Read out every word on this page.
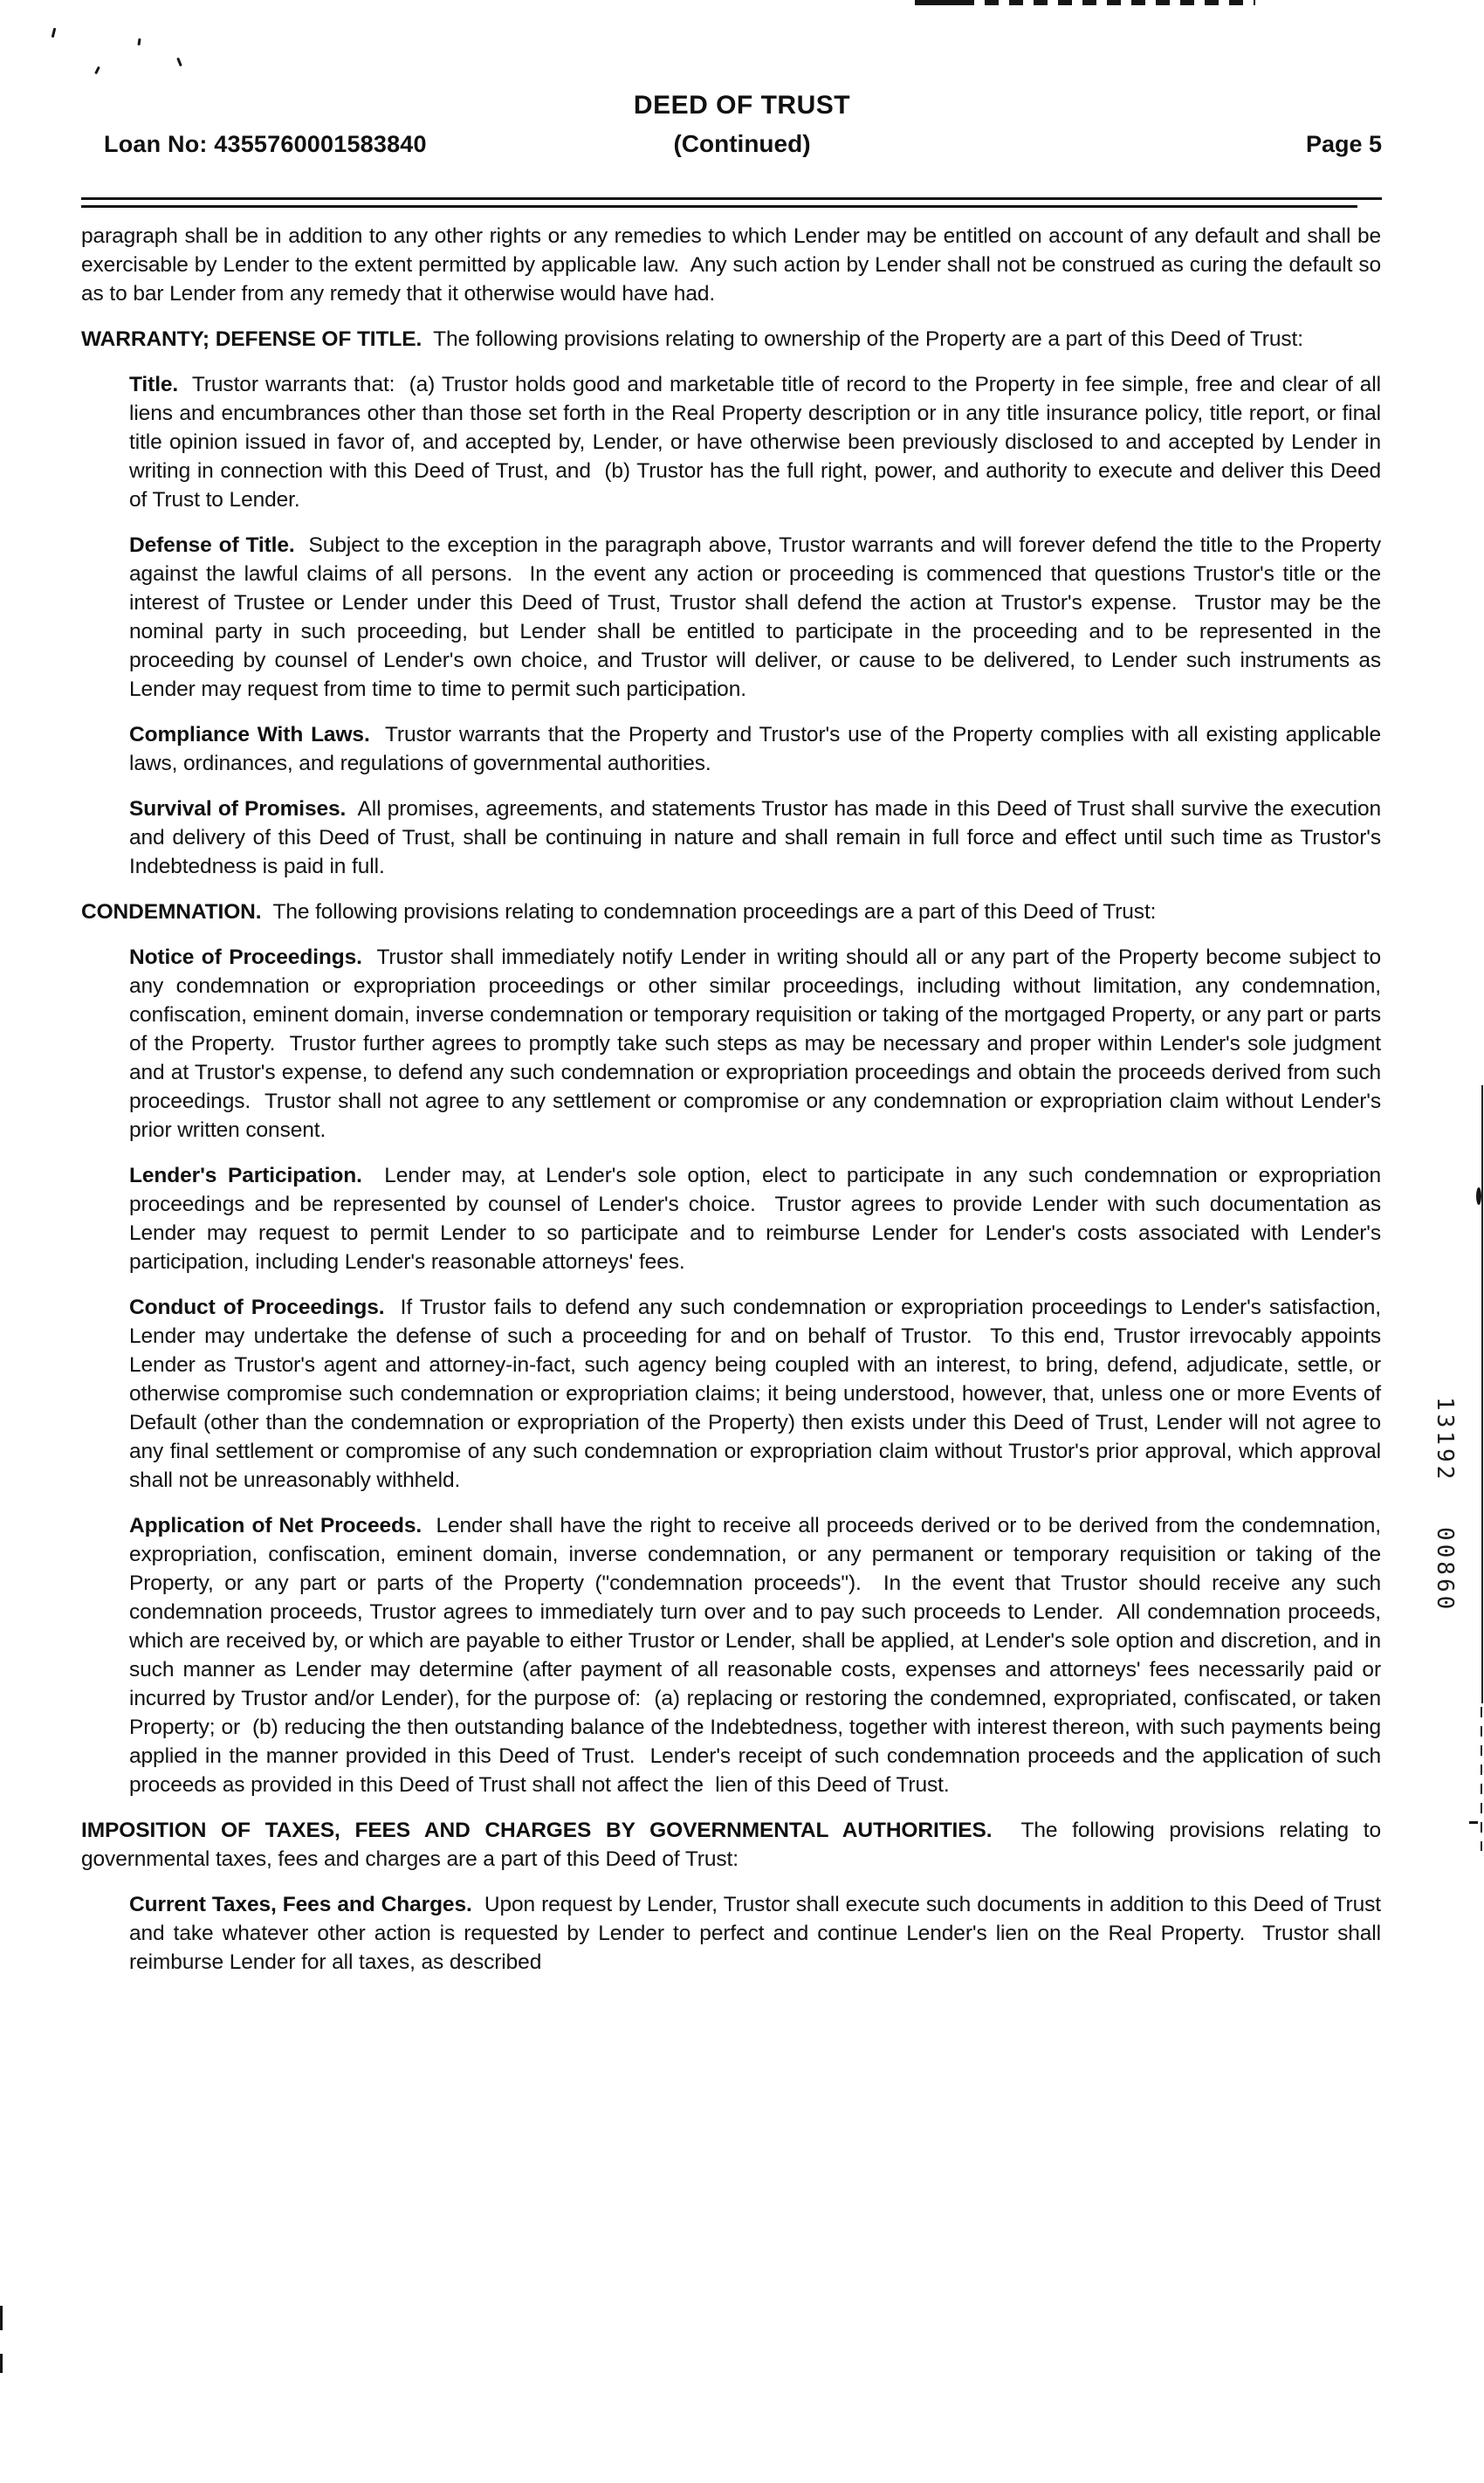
DEED OF TRUST
(Continued)
Loan No: 4355760001583840	Page 5

paragraph shall be in addition to any other rights or any remedies to which Lender may be entitled on account of any default and shall be exercisable by Lender to the extent permitted by applicable law.  Any such action by Lender shall not be construed as curing the default so as to bar Lender from any remedy that it otherwise would have had.

WARRANTY; DEFENSE OF TITLE.  The following provisions relating to ownership of the Property are a part of this Deed of Trust:

Title.  Trustor warrants that:  (a) Trustor holds good and marketable title of record to the Property in fee simple, free and clear of all liens and encumbrances other than those set forth in the Real Property description or in any title insurance policy, title report, or final title opinion issued in favor of, and accepted by, Lender, or have otherwise been previously disclosed to and accepted by Lender in writing in connection with this Deed of Trust, and  (b) Trustor has the full right, power, and authority to execute and deliver this Deed of Trust to Lender.

Defense of Title.  Subject to the exception in the paragraph above, Trustor warrants and will forever defend the title to the Property against the lawful claims of all persons.  In the event any action or proceeding is commenced that questions Trustor's title or the interest of Trustee or Lender under this Deed of Trust, Trustor shall defend the action at Trustor's expense.  Trustor may be the nominal party in such proceeding, but Lender shall be entitled to participate in the proceeding and to be represented in the proceeding by counsel of Lender's own choice, and Trustor will deliver, or cause to be delivered, to Lender such instruments as Lender may request from time to time to permit such participation.

Compliance With Laws.  Trustor warrants that the Property and Trustor's use of the Property complies with all existing applicable laws, ordinances, and regulations of governmental authorities.

Survival of Promises.  All promises, agreements, and statements Trustor has made in this Deed of Trust shall survive the execution and delivery of this Deed of Trust, shall be continuing in nature and shall remain in full force and effect until such time as Trustor's Indebtedness is paid in full.

CONDEMNATION.  The following provisions relating to condemnation proceedings are a part of this Deed of Trust:

Notice of Proceedings.  Trustor shall immediately notify Lender in writing should all or any part of the Property become subject to any condemnation or expropriation proceedings or other similar proceedings, including without limitation, any condemnation, confiscation, eminent domain, inverse condemnation or temporary requisition or taking of the mortgaged Property, or any part or parts of the Property.  Trustor further agrees to promptly take such steps as may be necessary and proper within Lender's sole judgment and at Trustor's expense, to defend any such condemnation or expropriation proceedings and obtain the proceeds derived from such proceedings.  Trustor shall not agree to any settlement or compromise or any condemnation or expropriation claim without Lender's prior written consent.

Lender's Participation.  Lender may, at Lender's sole option, elect to participate in any such condemnation or expropriation proceedings and be represented by counsel of Lender's choice.  Trustor agrees to provide Lender with such documentation as Lender may request to permit Lender to so participate and to reimburse Lender for Lender's costs associated with Lender's participation, including Lender's reasonable attorneys' fees.

Conduct of Proceedings.  If Trustor fails to defend any such condemnation or expropriation proceedings to Lender's satisfaction, Lender may undertake the defense of such a proceeding for and on behalf of Trustor.  To this end, Trustor irrevocably appoints Lender as Trustor's agent and attorney-in-fact, such agency being coupled with an interest, to bring, defend, adjudicate, settle, or otherwise compromise such condemnation or expropriation claims; it being understood, however, that, unless one or more Events of Default (other than the condemnation or expropriation of the Property) then exists under this Deed of Trust, Lender will not agree to any final settlement or compromise of any such condemnation or expropriation claim without Trustor's prior approval, which approval shall not be unreasonably withheld.

Application of Net Proceeds.  Lender shall have the right to receive all proceeds derived or to be derived from the condemnation, expropriation, confiscation, eminent domain, inverse condemnation, or any permanent or temporary requisition or taking of the Property, or any part or parts of the Property ("condemnation proceeds").  In the event that Trustor should receive any such condemnation proceeds, Trustor agrees to immediately turn over and to pay such proceeds to Lender.  All condemnation proceeds, which are received by, or which are payable to either Trustor or Lender, shall be applied, at Lender's sole option and discretion, and in such manner as Lender may determine (after payment of all reasonable costs, expenses and attorneys' fees necessarily paid or incurred by Trustor and/or Lender), for the purpose of:  (a) replacing or restoring the condemned, expropriated, confiscated, or taken Property; or  (b) reducing the then outstanding balance of the Indebtedness, together with interest thereon, with such payments being applied in the manner provided in this Deed of Trust.  Lender's receipt of such condemnation proceeds and the application of such proceeds as provided in this Deed of Trust shall not affect the  lien of this Deed of Trust.

IMPOSITION OF TAXES, FEES AND CHARGES BY GOVERNMENTAL AUTHORITIES.  The following provisions relating to governmental taxes, fees and charges are a part of this Deed of Trust:

Current Taxes, Fees and Charges.  Upon request by Lender, Trustor shall execute such documents in addition to this Deed of Trust and take whatever other action is requested by Lender to perfect and continue Lender's lien on the Real Property.  Trustor shall reimburse Lender for all taxes, as described

13192
00860
